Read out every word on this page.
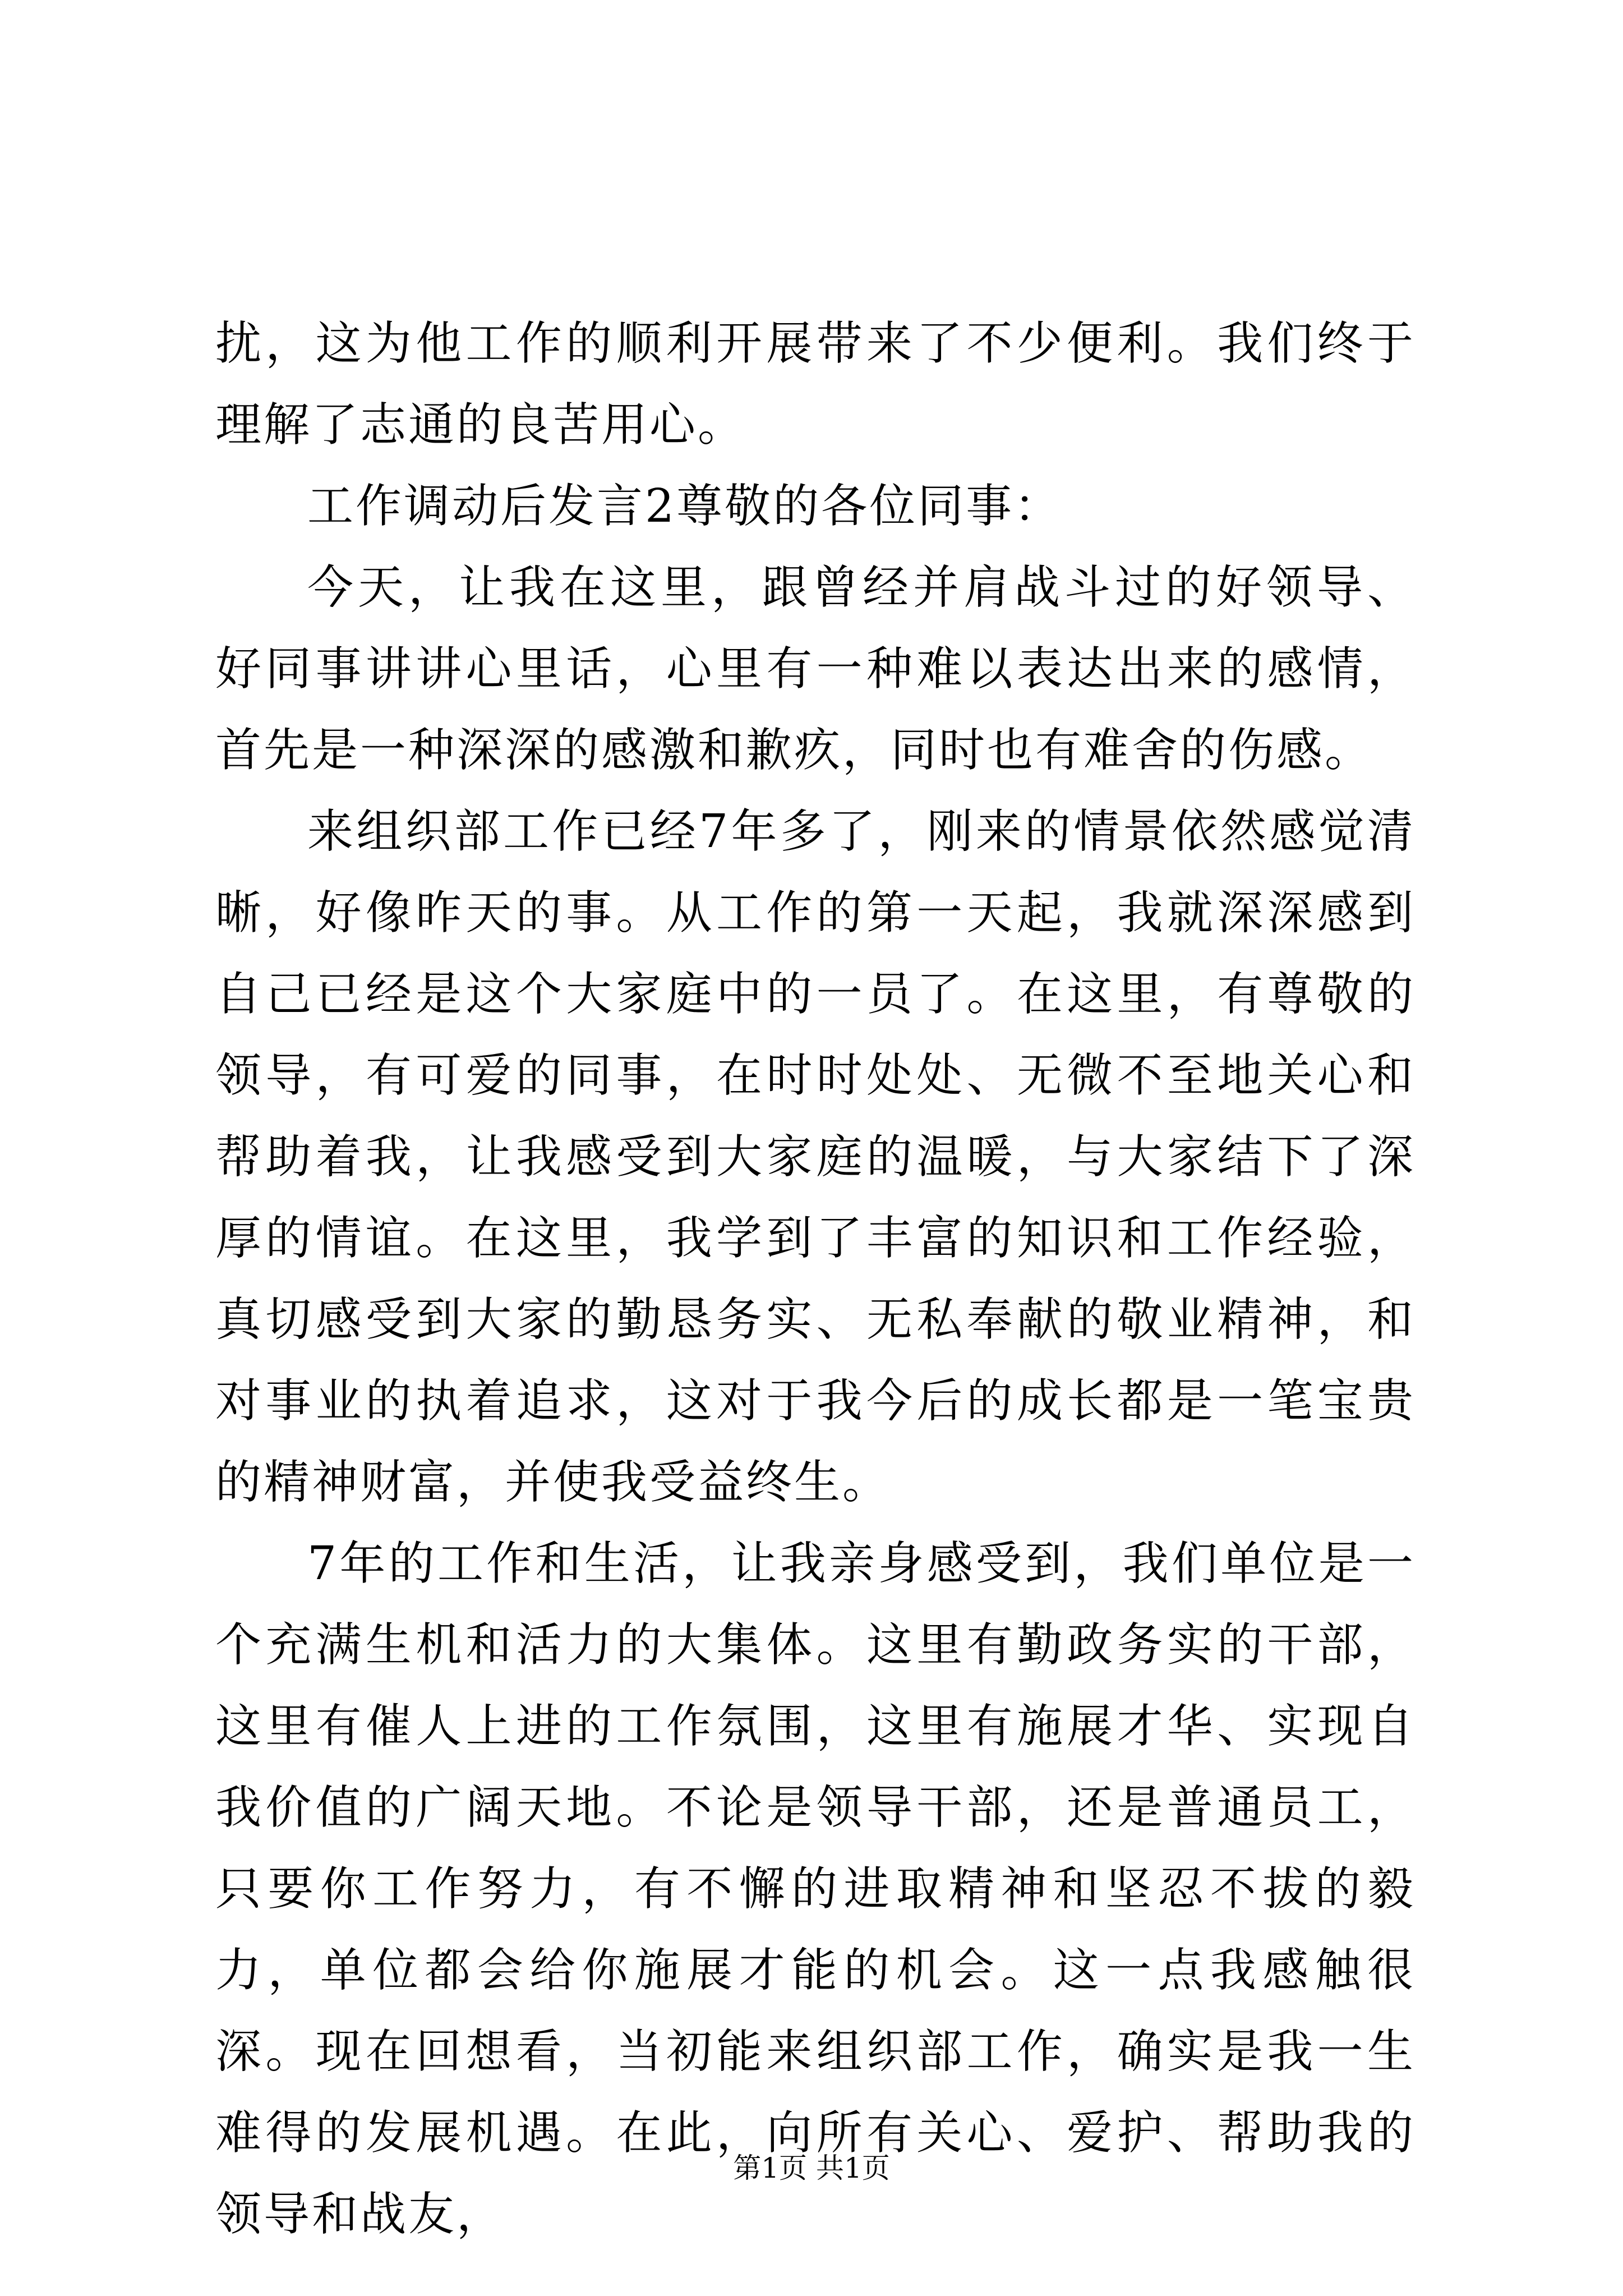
扰，这为他工作的顺利开展带来了不少便利。我们终于理解了志通的良苦用心。

工作调动后发言2尊敬的各位同事：

今天，让我在这里，跟曾经并肩战斗过的好领导、好同事讲讲心里话，心里有一种难以表达出来的感情，首先是一种深深的感激和歉疚，同时也有难舍的伤感。

来组织部工作已经7年多了，刚来的情景依然感觉清晰，好像昨天的事。从工作的第一天起，我就深深感到自己已经是这个大家庭中的一员了。在这里，有尊敬的领导，有可爱的同事，在时时处处、无微不至地关心和帮助着我，让我感受到大家庭的温暖，与大家结下了深厚的情谊。在这里，我学到了丰富的知识和工作经验，真切感受到大家的勤恳务实、无私奉献的敬业精神，和对事业的执着追求，这对于我今后的成长都是一笔宝贵的精神财富，并使我受益终生。

7年的工作和生活，让我亲身感受到，我们单位是一个充满生机和活力的大集体。这里有勤政务实的干部，这里有催人上进的工作氛围，这里有施展才华、实现自我价值的广阔天地。不论是领导干部，还是普通员工，只要你工作努力，有不懈的进取精神和坚忍不拔的毅力，单位都会给你施展才能的机会。这一点我感触很深。现在回想看，当初能来组织部工作，确实是我一生难得的发展机遇。在此，向所有关心、爱护、帮助我的领导和战友，

第1页 共1页
